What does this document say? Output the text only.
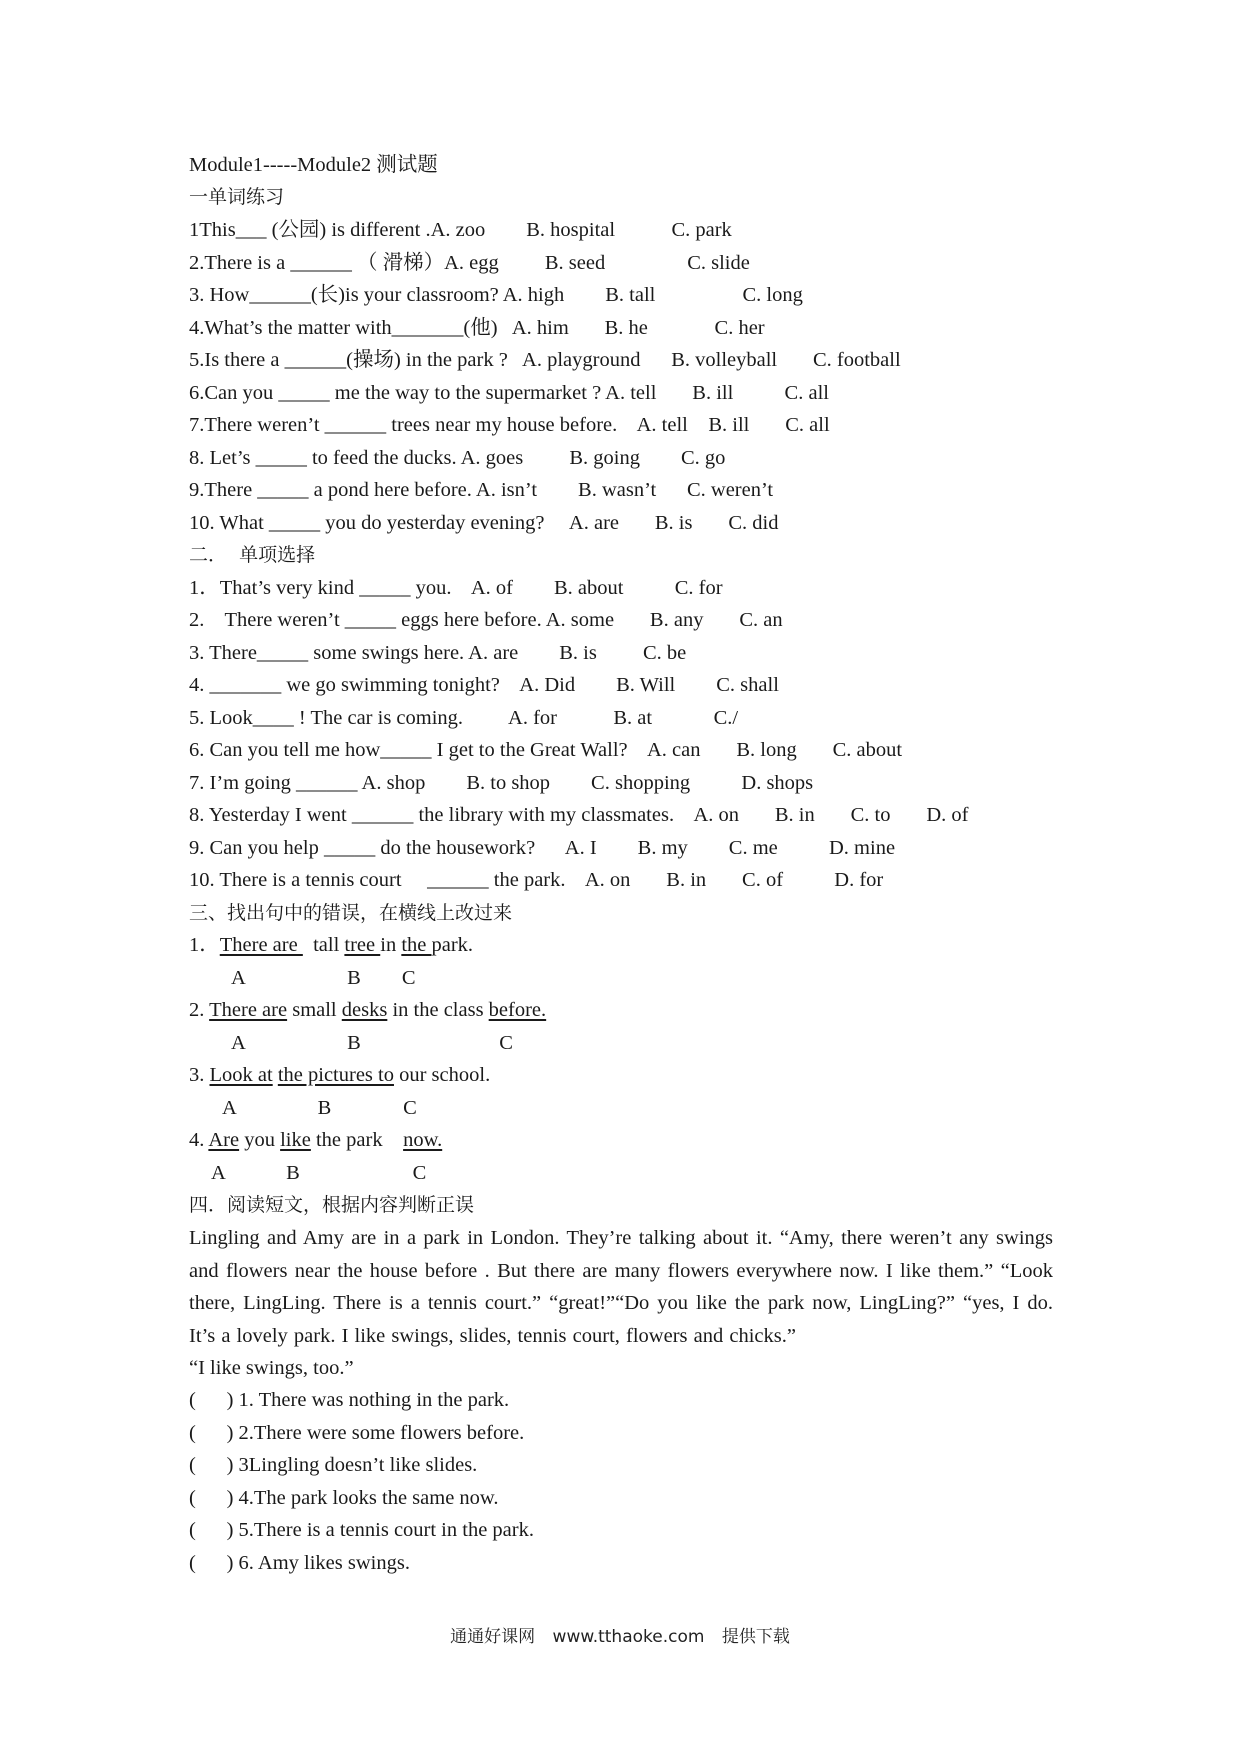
Module1-----Module2 测试题
一单词练习
1This___ (公园) is different .A. zoo        B. hospital           C. park
2.There is a ______ （ 滑梯）A. egg         B. seed                C. slide
3. How______(长)is your classroom? A. high        B. tall                 C. long
4.What’s the matter with_______(他)   A. him       B. he             C. her
5.Is there a ______(操场) in the park ?   A. playground      B. volleyball       C. football
6.Can you _____ me the way to the supermarket ? A. tell       B. ill          C. all
7.There weren’t ______ trees near my house before.    A. tell    B. ill       C. all
8. Let’s _____ to feed the ducks. A. goes         B. going        C. go
9.There _____ a pond here before. A. isn’t        B. wasn’t      C. weren’t
10. What _____ you do yesterday evening?     A. are       B. is       C. did
二．  单项选择
1．That’s very kind _____ you.    A. of        B. about          C. for
2.    There weren’t _____ eggs here before. A. some       B. any       C. an
3. There_____ some swings here. A. are        B. is         C. be
4. _______ we go swimming tonight?    A. Did        B. Will        C. shall
5. Look____ ! The car is coming.         A. for           B. at            C./
6. Can you tell me how_____ I get to the Great Wall?    A. can       B. long       C. about
7. I’m going ______ A. shop        B. to shop        C. shopping          D. shops
8. Yesterday I went ______ the library with my classmates.    A. on       B. in       C. to       D. of
9. Can you help _____ do the housework?      A. I        B. my        C. me          D. mine
10. There is a tennis court     ______ the park.    A. on       B. in       C. of          D. for
三、找出句中的错误，在横线上改过来
1．There are   tall tree in the park.
A                    B        C
2. There are small desks in the class before.
A                    B                           C
3. Look at the pictures to our school.
A                B              C
4. Are you like the park    now.
A            B                      C
四．阅读短文，根据内容判断正误
Lingling and Amy are in a park in London. They’re talking about it. “Amy, there weren’t any swings and flowers near the house before . But there are many flowers everywhere now. I like them.” “Look there, LingLing. There is a tennis court.” “great!”“Do you like the park now, LingLing?” “yes, I do. It’s a lovely park. I like swings, slides, tennis court, flowers and chicks.”
“I like swings, too.”
(      ) 1. There was nothing in the park.
(      ) 2.There were some flowers before.
(      ) 3Lingling doesn’t like slides.
(      ) 4.The park looks the same now.
(      ) 5.There is a tennis court in the park.
(      ) 6. Amy likes swings.
通通好课网 www.tthaoke.com 提供下载
